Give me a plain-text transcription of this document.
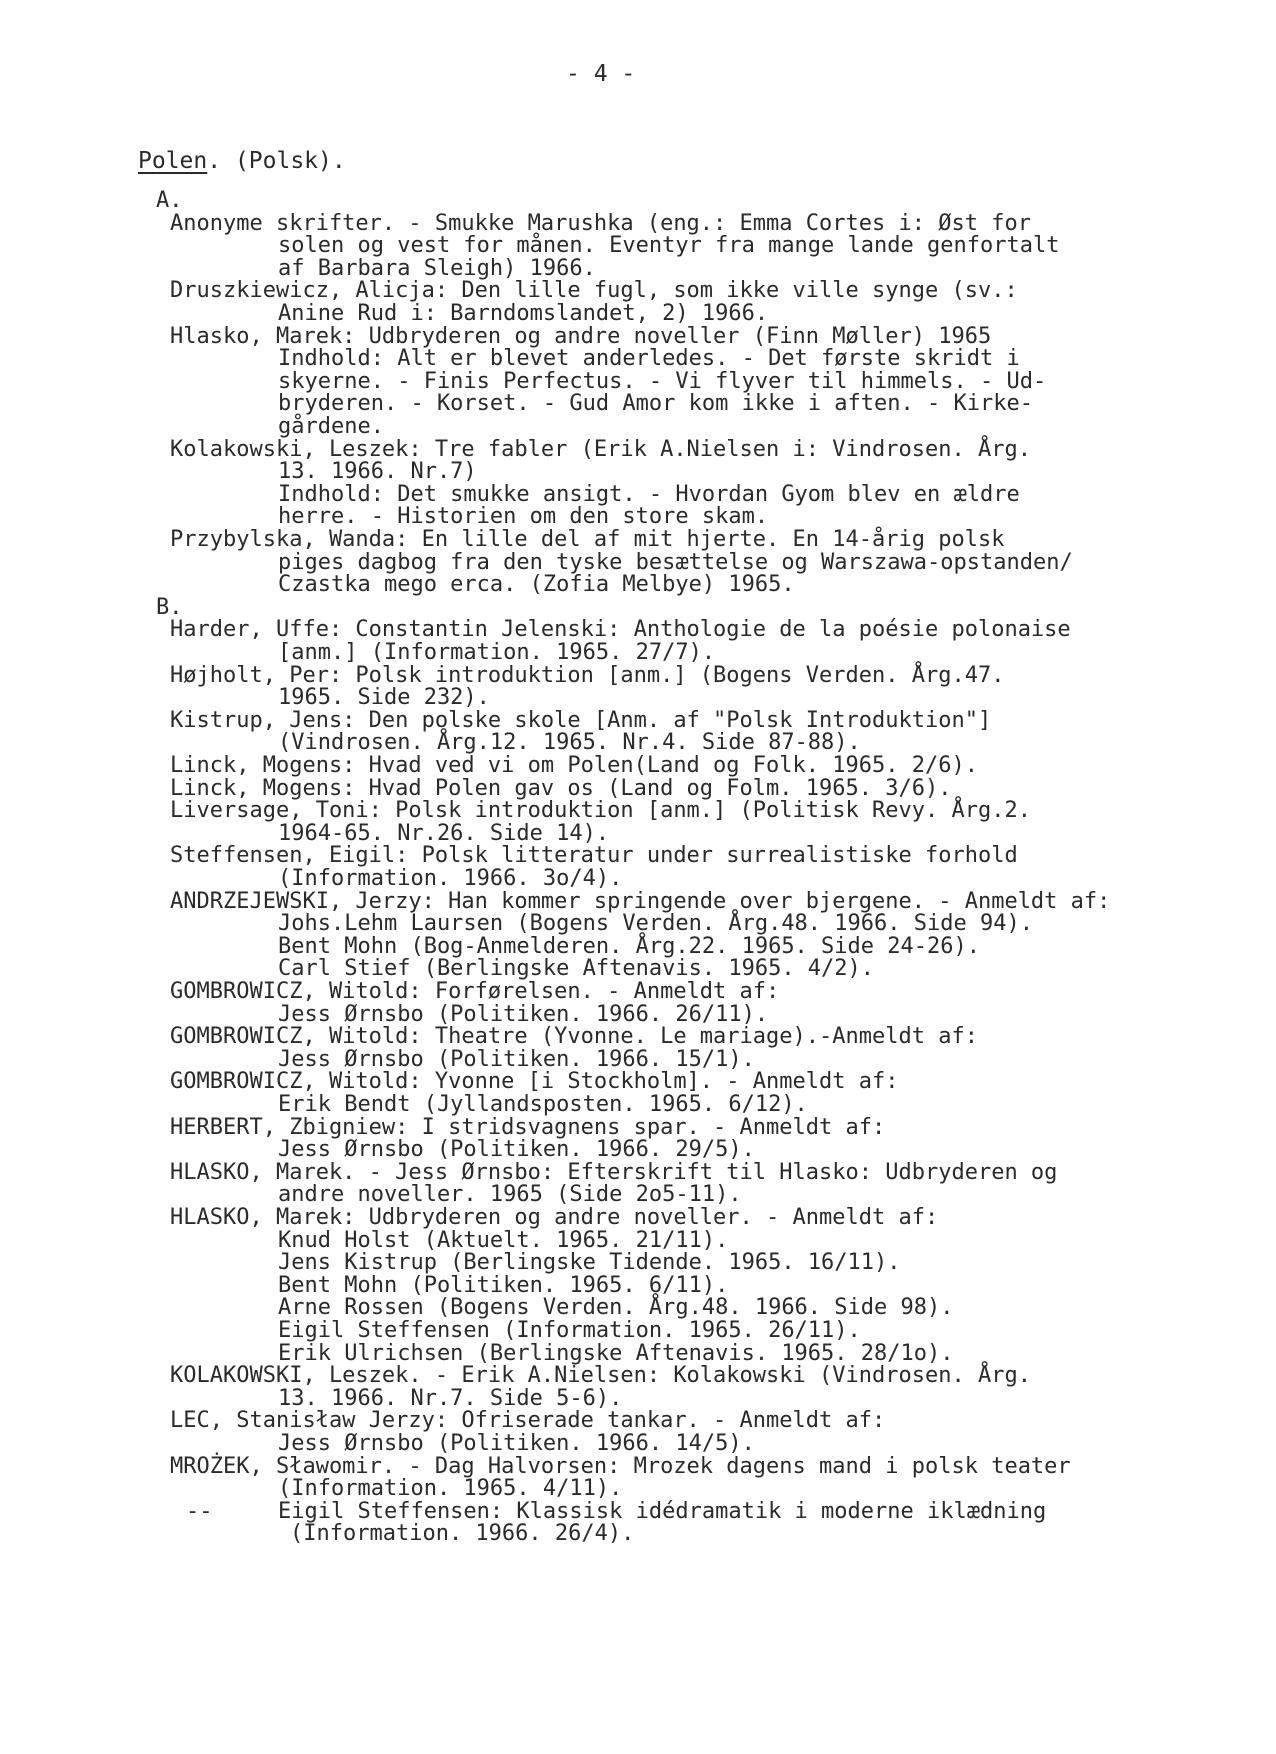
- 4 -
Polen. (Polsk).
A.
Anonyme skrifter. - Smukke Marushka (eng.: Emma Cortes i: Øst for
solen og vest for månen. Eventyr fra mange lande genfortalt
af Barbara Sleigh) 1966.
Druszkiewicz, Alicja: Den lille fugl, som ikke ville synge (sv.:
Anine Rud i: Barndomslandet, 2) 1966.
Hlasko, Marek: Udbryderen og andre noveller (Finn Møller) 1965
Indhold: Alt er blevet anderledes. - Det første skridt i
skyerne. - Finis Perfectus. - Vi flyver til himmels. - Ud-
bryderen. - Korset. - Gud Amor kom ikke i aften. - Kirke-
gårdene.
Kolakowski, Leszek: Tre fabler (Erik A.Nielsen i: Vindrosen. Årg.
13. 1966. Nr.7)
Indhold: Det smukke ansigt. - Hvordan Gyom blev en ældre
herre. - Historien om den store skam.
Przybylska, Wanda: En lille del af mit hjerte. En 14-årig polsk
piges dagbog fra den tyske besættelse og Warszawa-opstanden/
Czastka mego erca. (Zofia Melbye) 1965.
B.
Harder, Uffe: Constantin Jelenski: Anthologie de la poésie polonaise
[anm.] (Information. 1965. 27/7).
Højholt, Per: Polsk introduktion [anm.] (Bogens Verden. Årg.47.
1965. Side 232).
Kistrup, Jens: Den polske skole [Anm. af "Polsk Introduktion"]
(Vindrosen. Årg.12. 1965. Nr.4. Side 87-88).
Linck, Mogens: Hvad ved vi om Polen(Land og Folk. 1965. 2/6).
Linck, Mogens: Hvad Polen gav os (Land og Folm. 1965. 3/6).
Liversage, Toni: Polsk introduktion [anm.] (Politisk Revy. Årg.2.
1964-65. Nr.26. Side 14).
Steffensen, Eigil: Polsk litteratur under surrealistiske forhold
(Information. 1966. 3o/4).
ANDRZEJEWSKI, Jerzy: Han kommer springende over bjergene. - Anmeldt af:
Johs.Lehm Laursen (Bogens Verden. Årg.48. 1966. Side 94).
Bent Mohn (Bog-Anmelderen. Årg.22. 1965. Side 24-26).
Carl Stief (Berlingske Aftenavis. 1965. 4/2).
GOMBROWICZ, Witold: Forførelsen. - Anmeldt af:
Jess Ørnsbo (Politiken. 1966. 26/11).
GOMBROWICZ, Witold: Theatre (Yvonne. Le mariage).-Anmeldt af:
Jess Ørnsbo (Politiken. 1966. 15/1).
GOMBROWICZ, Witold: Yvonne [i Stockholm]. - Anmeldt af:
Erik Bendt (Jyllandsposten. 1965. 6/12).
HERBERT, Zbigniew: I stridsvagnens spar. - Anmeldt af:
Jess Ørnsbo (Politiken. 1966. 29/5).
HLASKO, Marek. - Jess Ørnsbo: Efterskrift til Hlasko: Udbryderen og
andre noveller. 1965 (Side 2o5-11).
HLASKO, Marek: Udbryderen og andre noveller. - Anmeldt af:
Knud Holst (Aktuelt. 1965. 21/11).
Jens Kistrup (Berlingske Tidende. 1965. 16/11).
Bent Mohn (Politiken. 1965. 6/11).
Arne Rossen (Bogens Verden. Årg.48. 1966. Side 98).
Eigil Steffensen (Information. 1965. 26/11).
Erik Ulrichsen (Berlingske Aftenavis. 1965. 28/1o).
KOLAKOWSKI, Leszek. - Erik A.Nielsen: Kolakowski (Vindrosen. Årg.
13. 1966. Nr.7. Side 5-6).
LEC, Stanisław Jerzy: Ofriserade tankar. - Anmeldt af:
Jess Ørnsbo (Politiken. 1966. 14/5).
MROŻEK, Sławomir. - Dag Halvorsen: Mrozek dagens mand i polsk teater
(Information. 1965. 4/11).
--	Eigil Steffensen: Klassisk idédramatik i moderne iklædning
(Information. 1966. 26/4).
